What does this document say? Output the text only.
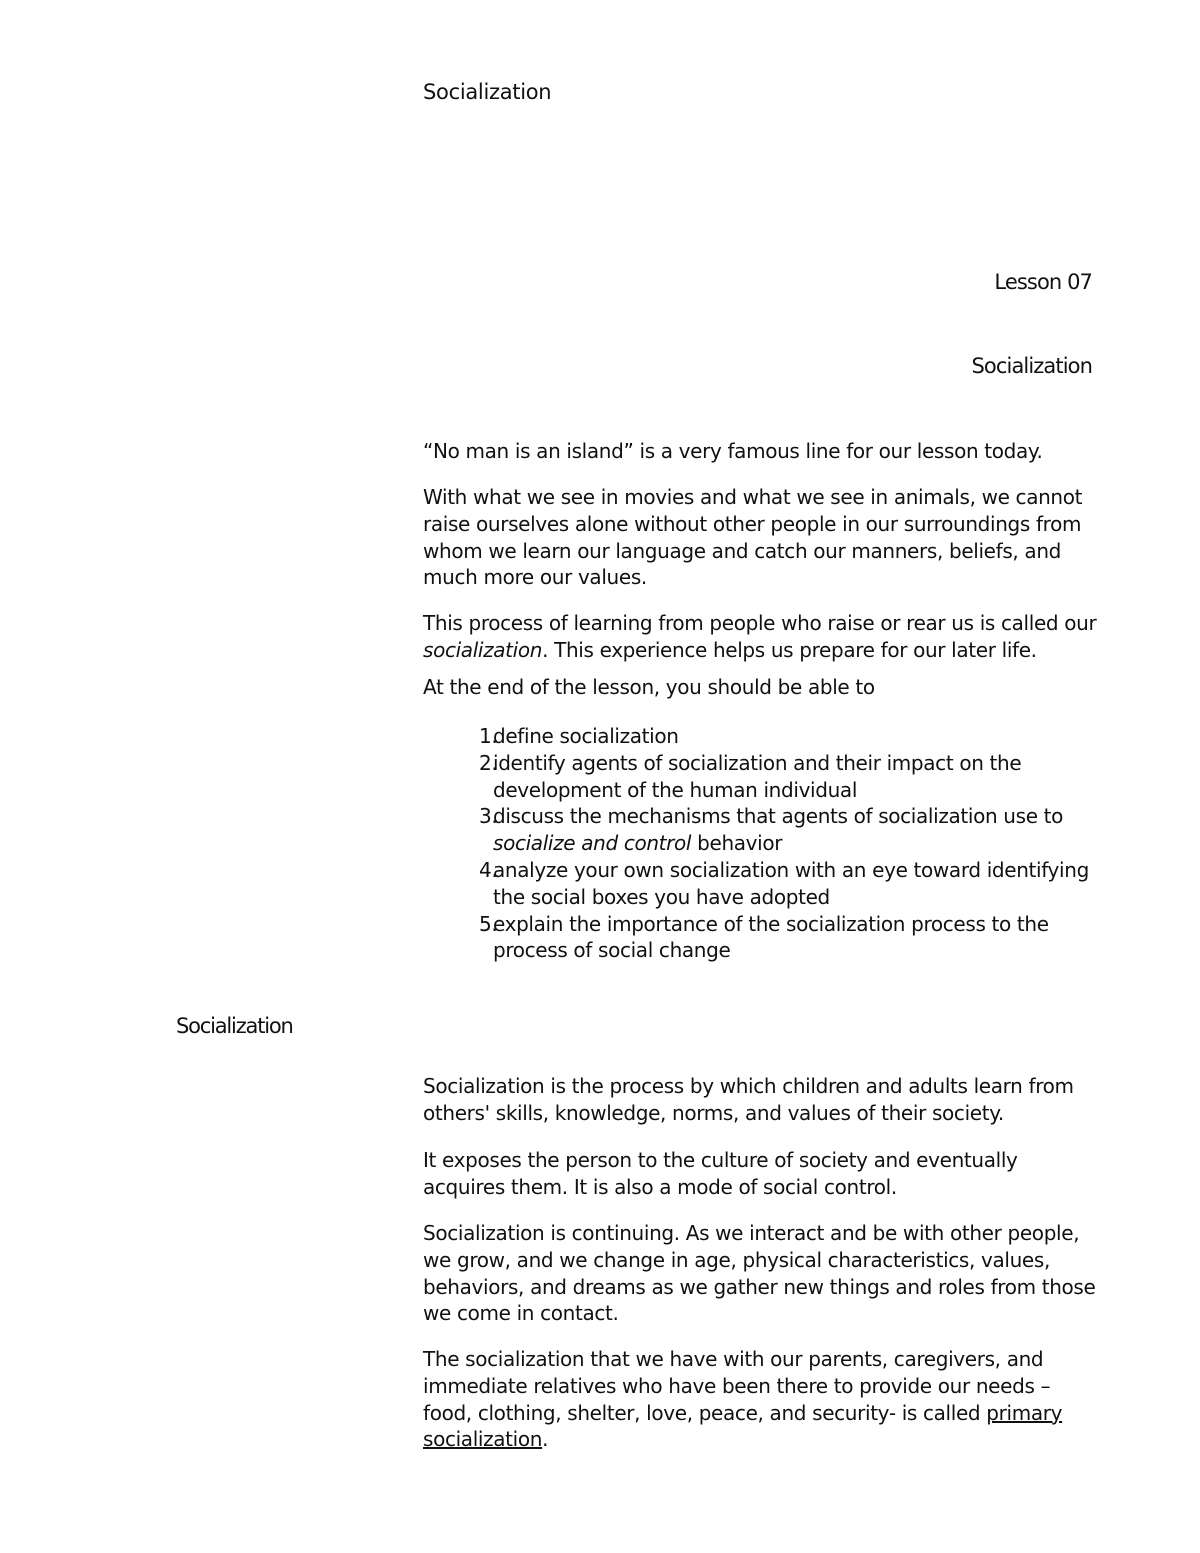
Socialization
Lesson 07
Socialization

“No man is an island” is a very famous line for our lesson today.

With what we see in movies and what we see in animals, we cannot raise ourselves alone without other people in our surroundings from whom we learn our language and catch our manners, beliefs, and much more our values.

This process of learning from people who raise or rear us is called our socialization. This experience helps us prepare for our later life.

At the end of the lesson, you should be able to

1.
define socialization
2.
identify agents of socialization and their impact on the development of the human individual
3.
discuss the mechanisms that agents of socialization use to socialize and control behavior
4.
analyze your own socialization with an eye toward identifying the social boxes you have adopted
5.
explain the importance of the socialization process to the process of social change
Socialization

Socialization is the process by which children and adults learn from others' skills, knowledge, norms, and values of their society.

It exposes the person to the culture of society and eventually acquires them. It is also a mode of social control.

Socialization is continuing. As we interact and be with other people, we grow, and we change in age, physical characteristics, values, behaviors, and dreams as we gather new things and roles from those we come in contact.

The socialization that we have with our parents, caregivers, and immediate relatives who have been there to provide our needs – food, clothing, shelter, love, peace, and security- is called primary socialization.
